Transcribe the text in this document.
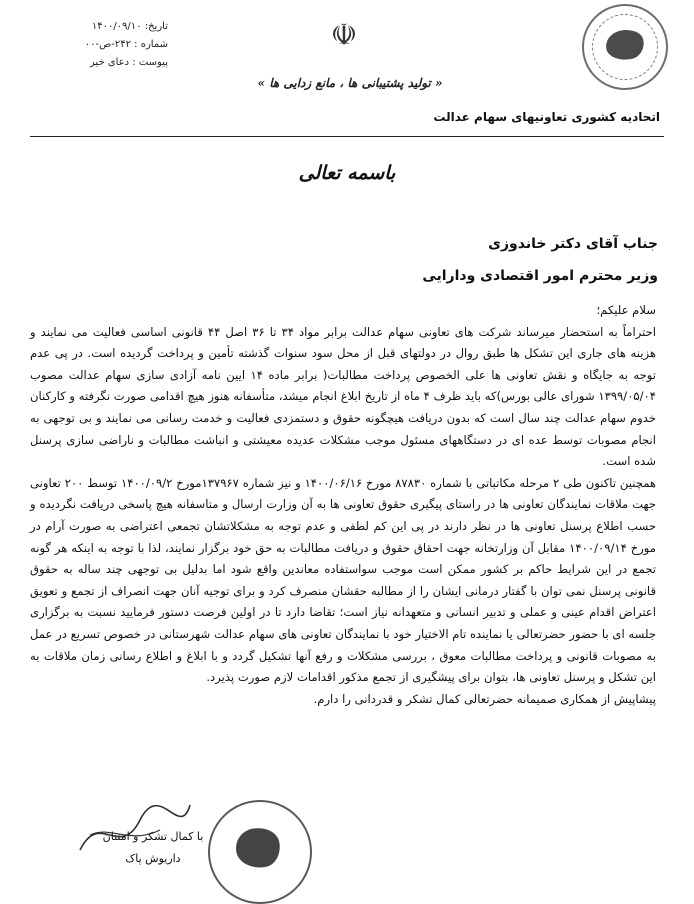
☫
تاریخ: ۱۴۰۰/۰۹/۱۰
شماره : ۲۴۲-ص-۰۰
پیوست : دعای خیر
« تولید پشتیبانی ها ، مانع زدایی ها »
اتحادیه کشوری تعاونیهای سهام عدالت
باسمه تعالی
جناب آقای دکتر خاندوزی
وزیر محترم امور اقتصادی ودارایی

سلام علیکم؛

احتراماً به استحضار میرساند شرکت های تعاونی سهام عدالت برابر مواد ۳۴ تا ۳۶ اصل ۴۴ قانونی اساسی فعالیت می نمایند و هزینه های جاری این تشکل ها طبق روال در دولتهای قبل از محل سود سنوات گذشته تأمین و پرداخت گردیده است. در پی عدم توجه به جایگاه و نقش تعاونی ها علی الخصوص پرداخت مطالبات( برابر ماده ۱۴ ایین نامه آزادی سازی سهام عدالت مصوب ۱۳۹۹/۰۵/۰۴ شورای عالی بورس)که باید ظرف ۴ ماه از تاریخ ابلاغ انجام میشد، متأسفانه هنوز هیچ اقدامی صورت نگرفته و کارکنان خدوم سهام عدالت چند سال است که بدون دریافت هیچگونه حقوق و دستمزدی فعالیت و خدمت رسانی می نمایند و بی توجهی به انجام مصوبات توسط عده ای در دستگاههای مسئول موجب مشکلات عدیده معیشتی و انباشت مطالبات و ناراضی سازی پرسنل شده است.

همچنین تاکنون طی ۲ مرحله مکاتباتی با شماره ۸۷۸۳۰ مورخ ۱۴۰۰/۰۶/۱۶ و نیز شماره ۱۳۷۹۶۷مورخ ۱۴۰۰/۰۹/۲ توسط ۲۰۰ تعاونی جهت ملاقات نمایندگان تعاونی ها در راستای پیگیری حقوق تعاونی ها به آن وزارت ارسال و متاسفانه هیچ پاسخی دریافت نگردیده و حسب اطلاع پرسنل تعاونی ها در نظر دارند در پی این کم لطفی و عدم توجه به مشکلاتشان تجمعی اعتراضی به صورت آرام در مورخ ۱۴۰۰/۰۹/۱۴ مقابل آن وزارتخانه جهت احقاق حقوق و دریافت مطالبات به حق خود برگزار نمایند، لذا با توجه به اینکه هر گونه تجمع در این شرایط حاکم بر کشور ممکن است موجب سواستفاده معاندین واقع شود اما بدلیل بی توجهی چند ساله به حقوق قانونی پرسنل نمی توان با گفتار درمانی ایشان را از مطالبه حقشان منصرف کرد و برای توجیه آنان جهت انصراف از تجمع و تعویق اعتراض اقدام عینی و عملی و تدبیر انسانی و متعهدانه نیاز است؛ تقاضا دارد تا در اولین فرصت دستور فرمایید نسبت به برگزاری جلسه ای با حضور حضرتعالی یا نماینده تام الاختیار خود با نمایندگان تعاونی های سهام عدالت شهرستانی در خصوص تسریع در عمل به مصوبات قانونی و پرداخت مطالبات معوق ، بررسی مشکلات و رفع آنها تشکیل گردد و با ابلاغ و اطلاع رسانی زمان ملاقات به این تشکل و پرسنل تعاونی ها، بتوان برای پیشگیری از تجمع مذکور اقدامات لازم صورت پذیرد.

پیشاپیش از همکاری صمیمانه حضرتعالی کمال تشکر و قدردانی را دارم.

با کمال تشکر و امتنان
داریوش پاک
